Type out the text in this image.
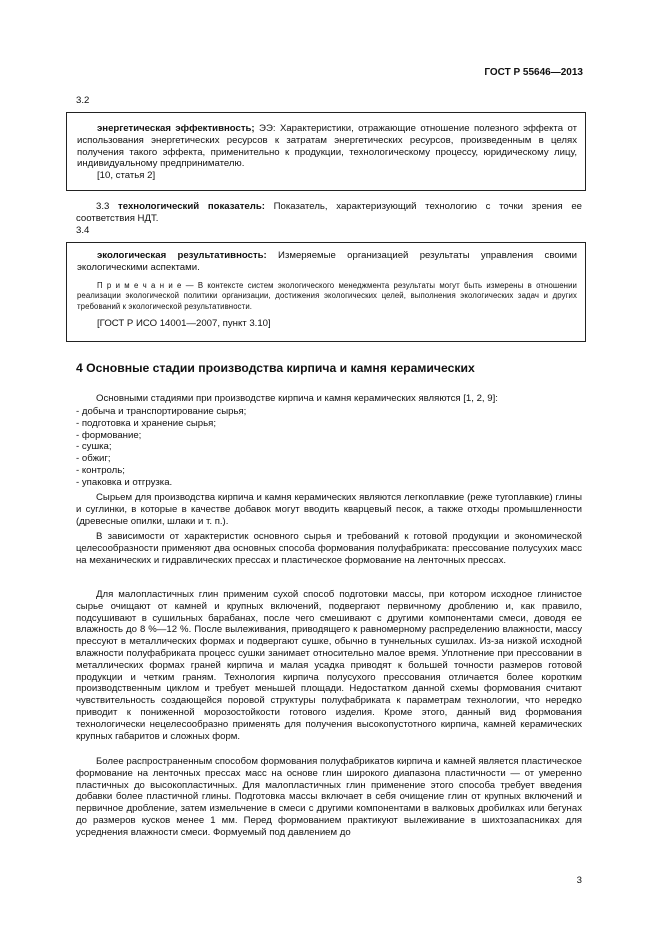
ГОСТ Р 55646—2013

3.2

энергетическая эффективность; ЭЭ: Характеристики, отражающие отношение полезного эффекта от использования энергетических ресурсов к затратам энергетических ресурсов, произведенным в целях получения такого эффекта, применительно к продукции, технологическому процессу, юридическому лицу, индивидуальному предпринимателю.

[10, статья 2]

3.3 технологический показатель: Показатель, характеризующий технологию с точки зрения ее соответствия НДТ.

3.4

экологическая результативность: Измеряемые организацией результаты управления своими экологическими аспектами.

П р и м е ч а н и е — В контексте систем экологического менеджмента результаты могут быть измерены в отношении реализации экологической политики организации, достижения экологических целей, выполнения экологических задач и других требований к экологической результативности.

[ГОСТ Р ИСО 14001—2007, пункт 3.10]

4 Основные стадии производства кирпича и камня керамических

Основными стадиями при производстве кирпича и камня керамических являются [1, 2, 9]:

- добыча и транспортирование сырья;
- подготовка и хранение сырья;
- формование;
- сушка;
- обжиг;
- контроль;
- упаковка и отгрузка.

Сырьем для производства кирпича и камня керамических являются легкоплавкие (реже тугоплавкие) глины и суглинки, в которые в качестве добавок могут вводить кварцевый песок, а также отходы промышленности (древесные опилки, шлаки и т. п.).

В зависимости от характеристик основного сырья и требований к готовой продукции и экономической целесообразности применяют два основных способа формования полуфабриката: прессование полусухих масс на механических и гидравлических прессах и пластическое формование на ленточных прессах.

Для малопластичных глин применим сухой способ подготовки массы, при котором исходное глинистое сырье очищают от камней и крупных включений, подвергают первичному дроблению и, как правило, подсушивают в сушильных барабанах, после чего смешивают с другими компонентами смеси, доводя ее влажность до 8 %—12 %. После вылеживания, приводящего к равномерному распределению влажности, массу прессуют в металлических формах и подвергают сушке, обычно в туннельных сушилах. Из-за низкой исходной влажности полуфабриката процесс сушки занимает относительно малое время. Уплотнение при прессовании в металлических формах граней кирпича и малая усадка приводят к большей точности размеров готовой продукции и четким граням. Технология кирпича полусухого прессования отличается более коротким производственным циклом и требует меньшей площади. Недостатком данной схемы формования считают чувствительность создающейся поровой структуры полуфабриката к параметрам технологии, что нередко приводит к пониженной морозостойкости готового изделия. Кроме этого, данный вид формования технологически нецелесообразно применять для получения высокопустотного кирпича, камней керамических крупных габаритов и сложных форм.

Более распространенным способом формования полуфабрикатов кирпича и камней является пластическое формование на ленточных прессах масс на основе глин широкого диапазона пластичности — от умеренно пластичных до высокопластичных. Для малопластичных глин применение этого способа требует введения добавки более пластичной глины. Подготовка массы включает в себя очищение глин от крупных включений и первичное дробление, затем измельчение в смеси с другими компонентами в валковых дробилках или бегунах до размеров кусков менее 1 мм. Перед формованием практикуют вылеживание в шихтозапасниках для усреднения влажности смеси. Формуемый под давлением до

3
